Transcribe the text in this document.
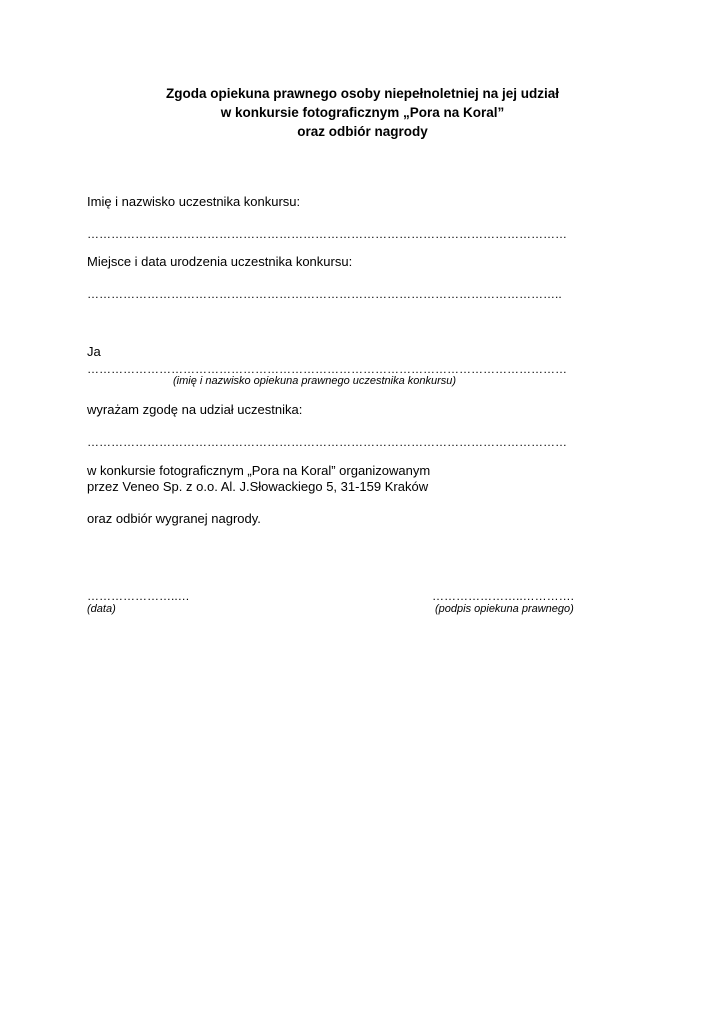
Zgoda opiekuna prawnego osoby niepełnoletniej na jej udział
w konkursie fotograficznym „Pora na Koral”
oraz odbiór nagrody
Imię i nazwisko uczestnika konkursu:
…………………………………………………………………………………………………………
Miejsce i data urodzenia uczestnika konkursu:
………………………………………………………………………………………………………..
Ja
…………………………………………………………………………………………………………
(imię i nazwisko opiekuna prawnego uczestnika konkursu)
wyrażam zgodę na udział uczestnika:
…………………………………………………………………………………………………………
w konkursie fotograficznym „Pora na Koral” organizowanym
przez Veneo Sp. z o.o. Al. J.Słowackiego 5, 31-159 Kraków
oraz odbiór wygranej nagrody.
…………………..…
(data)
…………………..………….
(podpis opiekuna prawnego)
